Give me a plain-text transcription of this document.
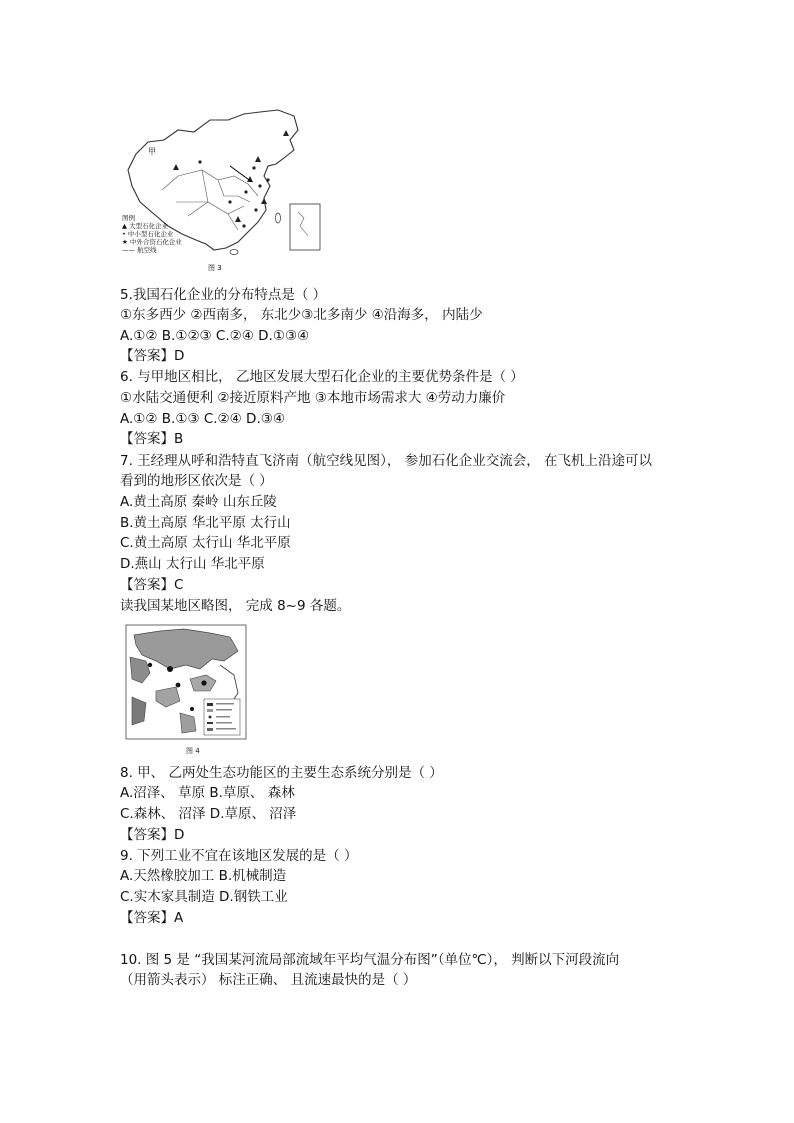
甲
图例
▲ 大型石化企业
• 中小型石化企业
★ 中外合资石化企业
—— 航空线
图 3
5.我国石化企业的分布特点是（ ）
①东多西少 ②西南多， 东北少③北多南少 ④沿海多， 内陆少
A.①② B.①②③ C.②④ D.①③④
【答案】D
6. 与甲地区相比， 乙地区发展大型石化企业的主要优势条件是（ ）
①水陆交通便利 ②接近原料产地 ③本地市场需求大 ④劳动力廉价
A.①② B.①③ C.②④ D.③④
【答案】B
7. 王经理从呼和浩特直飞济南（航空线见图）， 参加石化企业交流会， 在飞机上沿途可以
看到的地形区依次是（ ）
A.黄土高原 秦岭 山东丘陵
B.黄土高原 华北平原 太行山
C.黄土高原 太行山 华北平原
D.燕山 太行山 华北平原
【答案】C
读我国某地区略图， 完成 8~9 各题。
图 4
8. 甲、 乙两处生态功能区的主要生态系统分别是（ ）
A.沼泽、 草原 B.草原、 森林
C.森林、 沼泽 D.草原、 沼泽
【答案】D
9. 下列工业不宜在该地区发展的是（ ）
A.天然橡胶加工 B.机械制造
C.实木家具制造 D.钢铁工业
【答案】A
10. 图 5 是 “我国某河流局部流域年平均气温分布图”（单位℃）， 判断以下河段流向
（用箭头表示） 标注正确、 且流速最快的是（ ）
